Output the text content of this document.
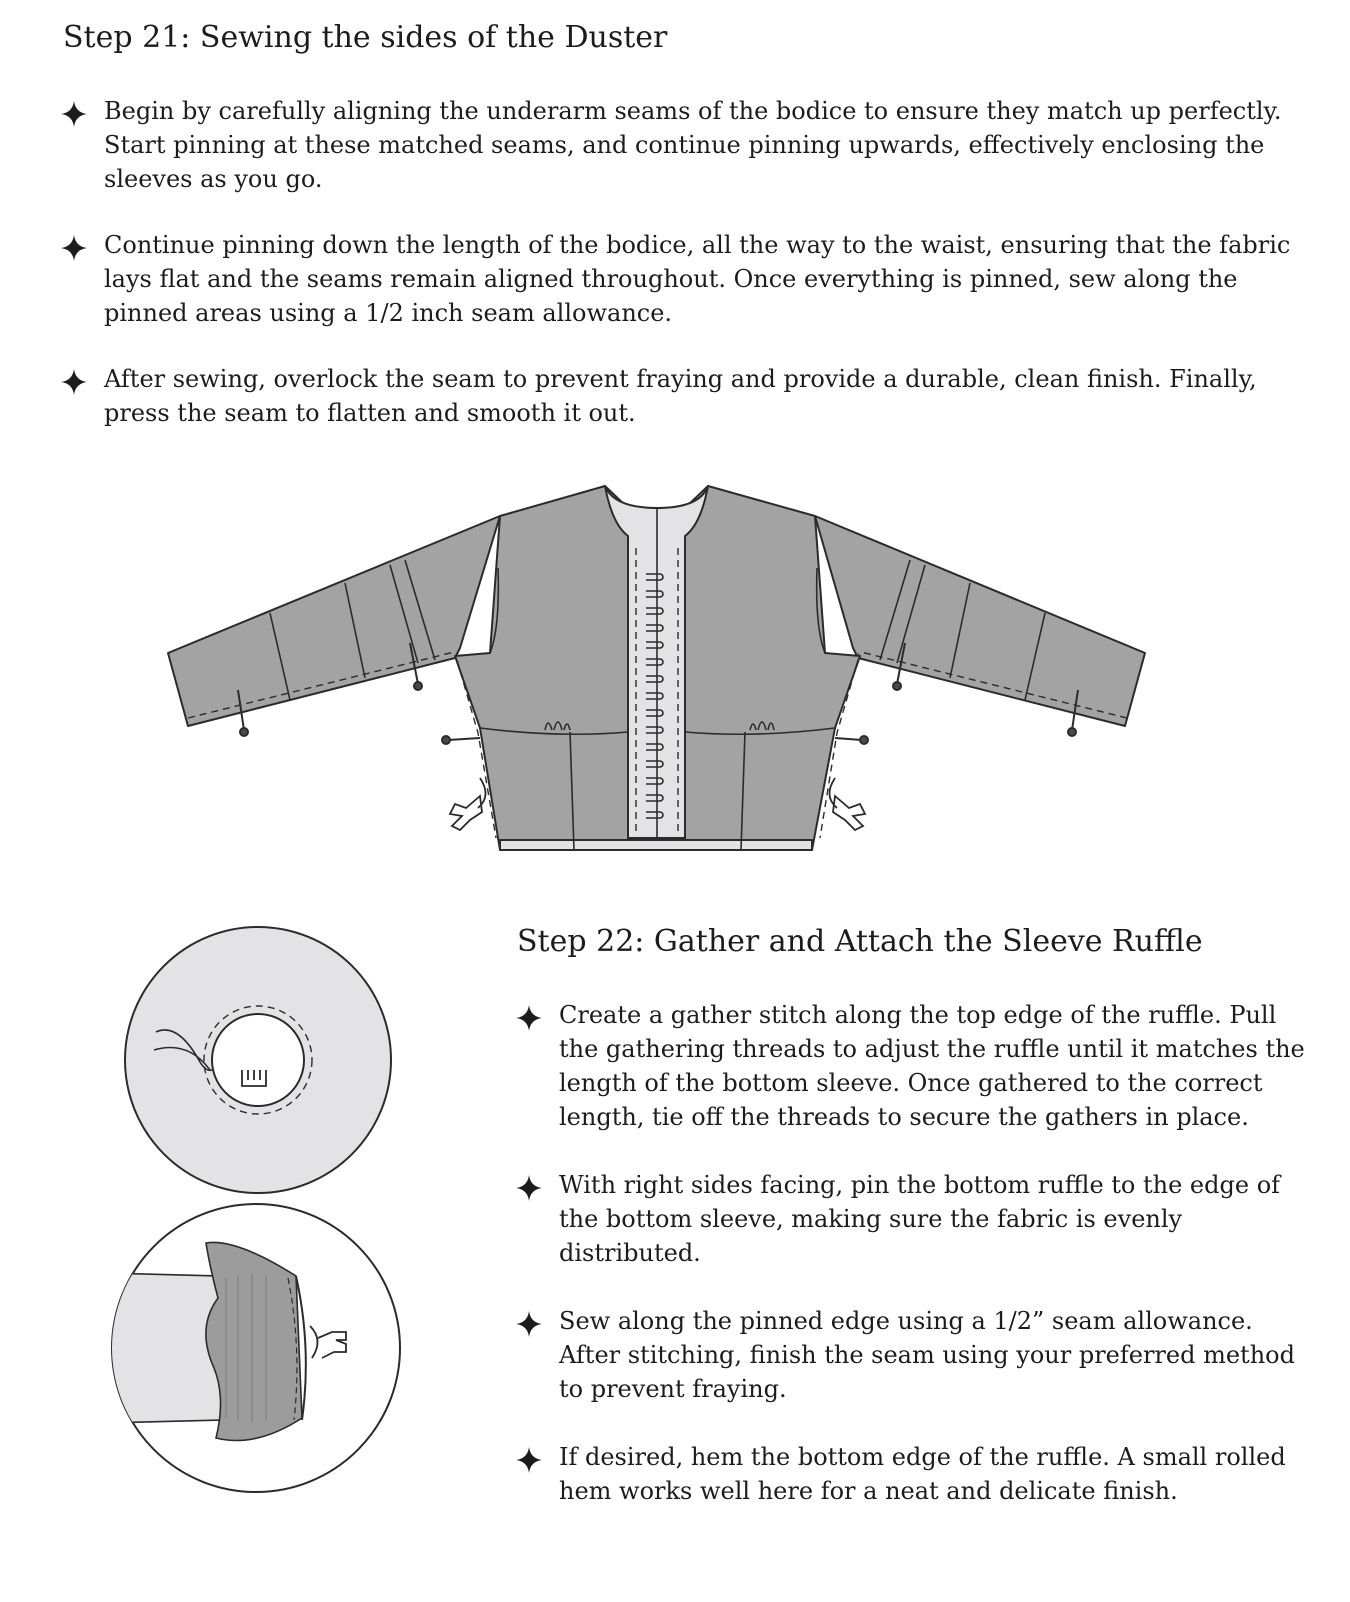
Step 21: Sewing the sides of the Duster
Begin by carefully aligning the underarm seams of the bodice to ensure they match up perfectly. Start pinning at these matched seams, and continue pinning upwards, effectively enclosing the sleeves as you go.
Continue pinning down the length of the bodice, all the way to the waist, ensuring that the fabric lays flat and the seams remain aligned throughout. Once everything is pinned, sew along the pinned areas using a 1/2 inch seam allowance.
After sewing, overlock the seam to prevent fraying and provide a durable, clean finish. Finally, press the seam to flatten and smooth it out.
Step 22: Gather and Attach the Sleeve Ruffle
Create a gather stitch along the top edge of the ruffle. Pull the gathering threads to adjust the ruffle until it matches the length of the bottom sleeve. Once gathered to the correct length, tie off the threads to secure the gathers in place.
With right sides facing, pin the bottom ruffle to the edge of the bottom sleeve, making sure the fabric is evenly distributed.
Sew along the pinned edge using a 1/2” seam allowance. After stitching, finish the seam using your preferred method to prevent fraying.
If desired, hem the bottom edge of the ruffle. A small rolled hem works well here for a neat and delicate finish.
